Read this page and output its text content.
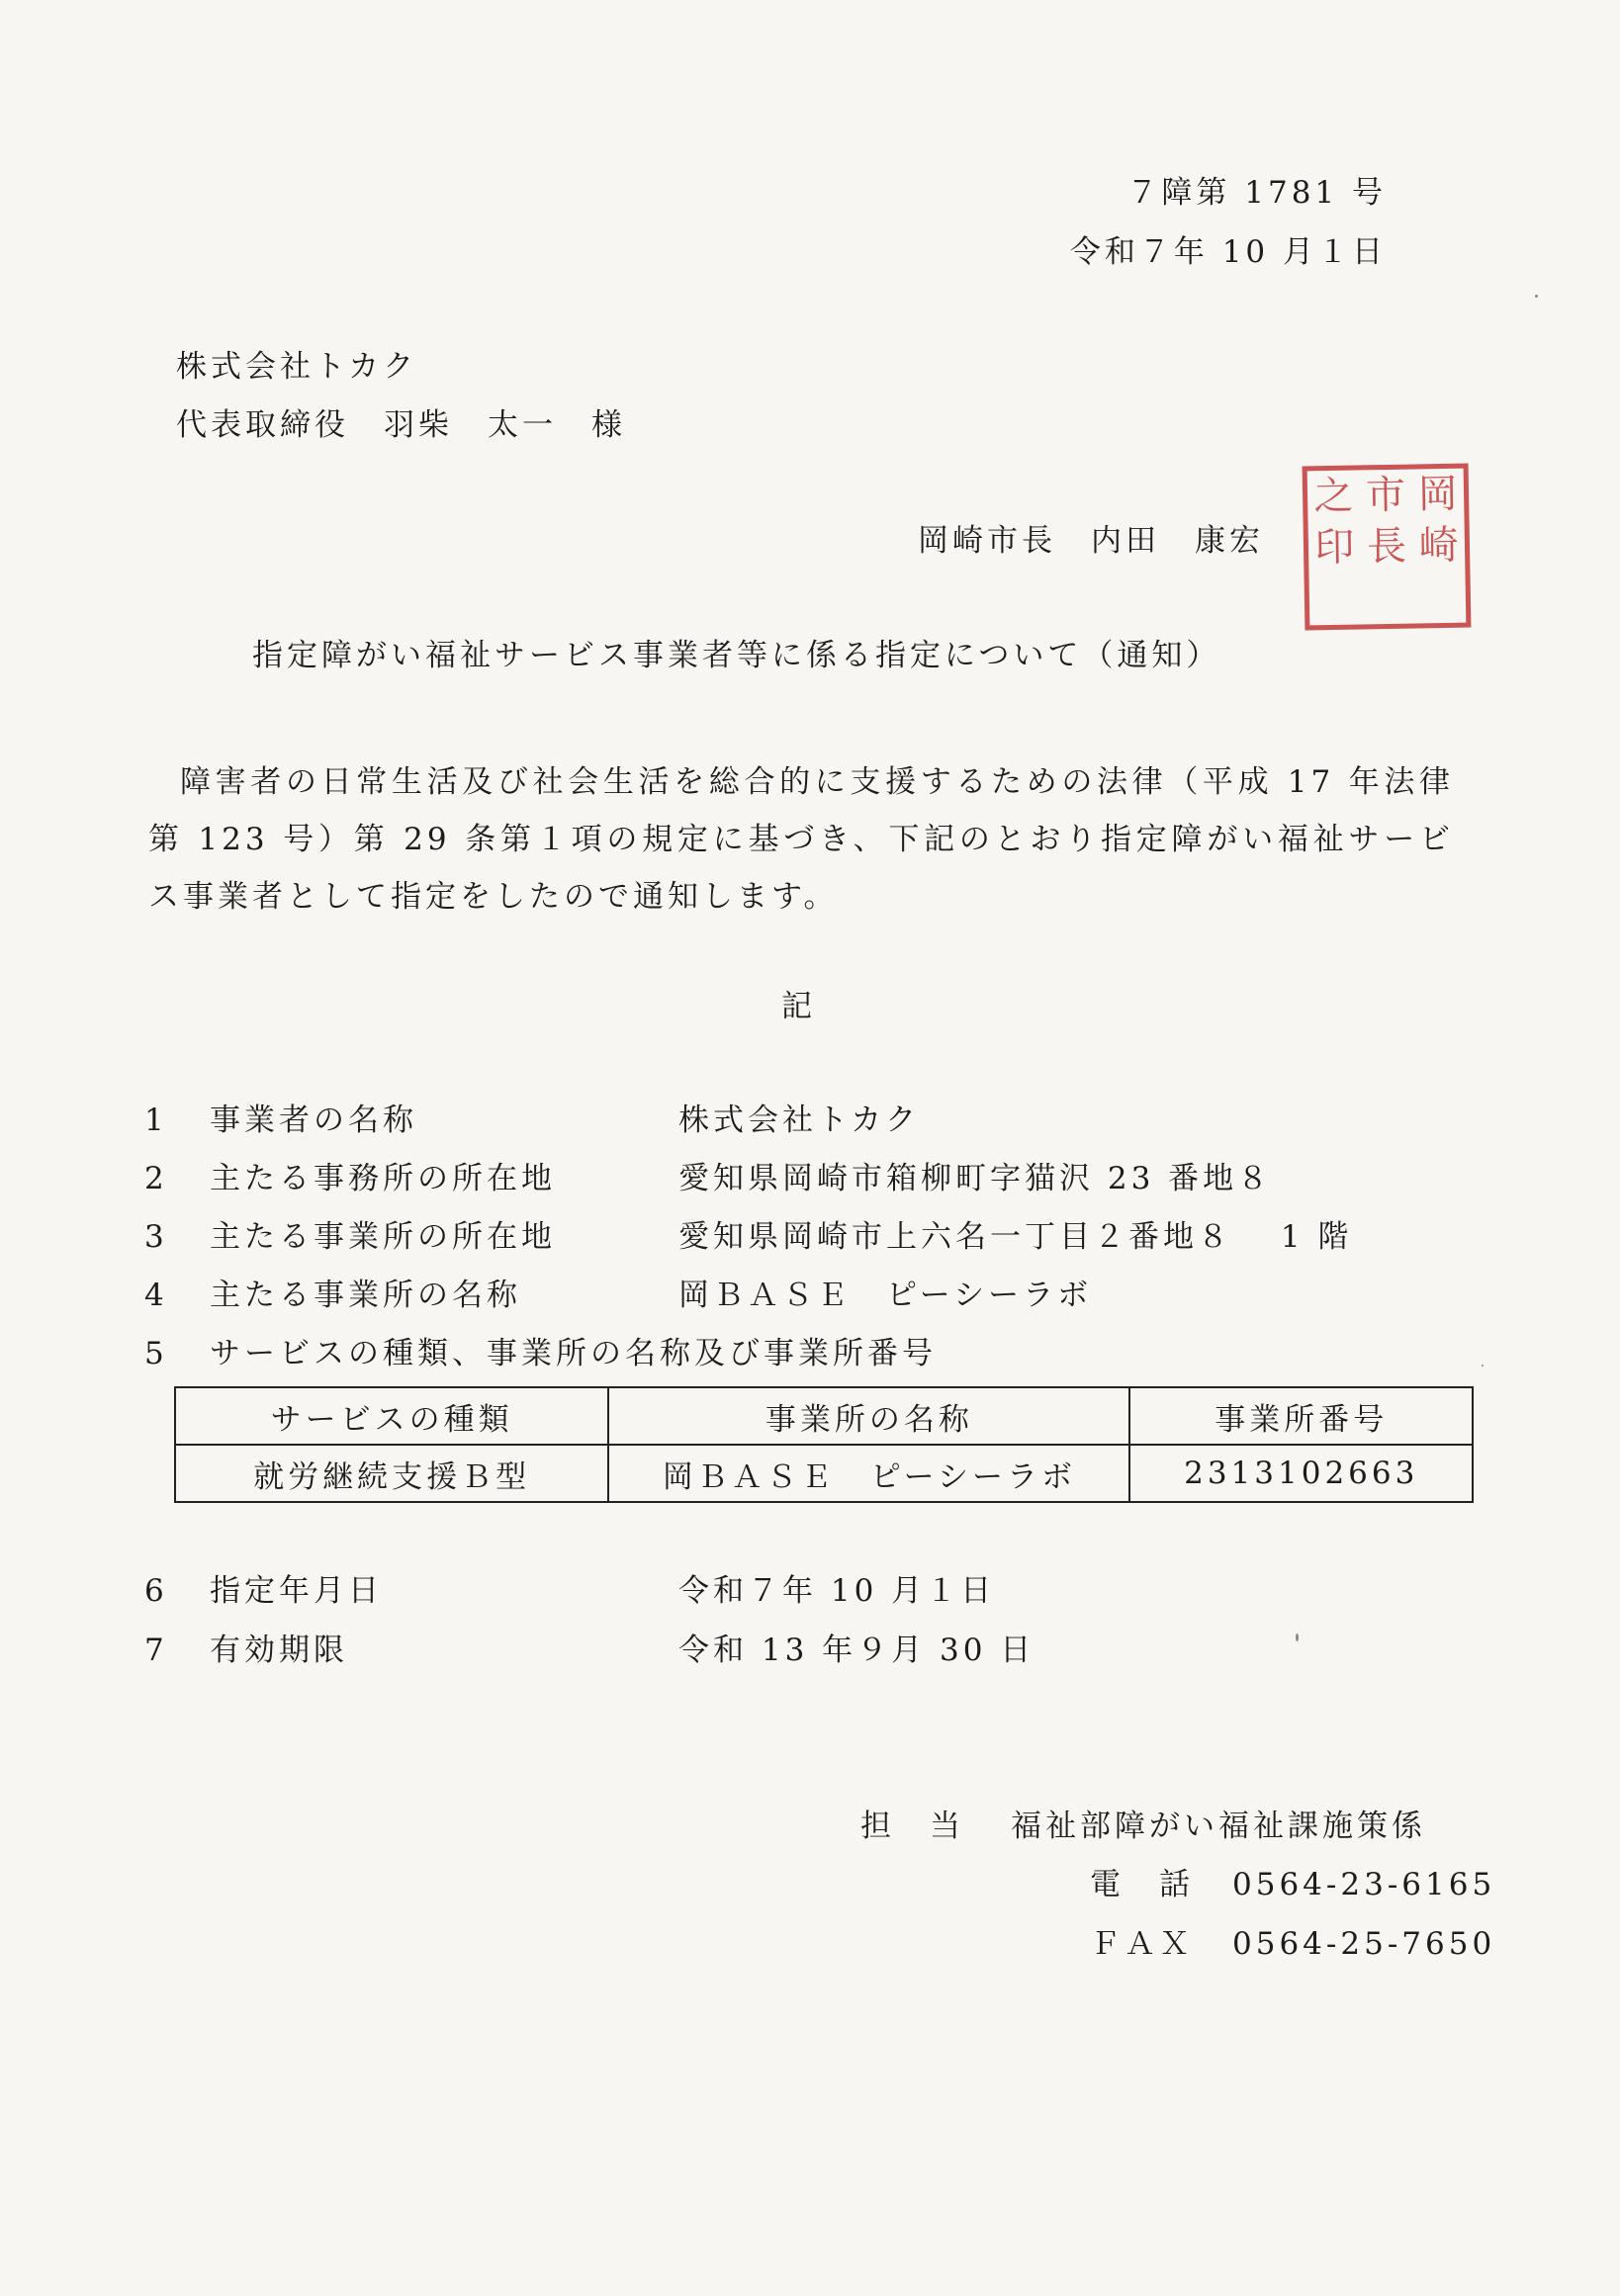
７障第 1781 号
令和７年 10 月１日
株式会社トカク
代表取締役　羽柴　太一　様
岡崎市長　内田　康宏
之 市 岡
印 長 崎
指定障がい福祉サービス事業者等に係る指定について（通知）
障害者の日常生活及び社会生活を総合的に支援するための法律（平成 17 年法律第 123 号）第 29 条第１項の規定に基づき、下記のとおり指定障がい福祉サービス事業者として指定をしたので通知します。
記
1 事業者の名称	株式会社トカク
2 主たる事務所の所在地	愛知県岡崎市箱柳町字猫沢 23 番地８
3 主たる事業所の所在地	愛知県岡崎市上六名一丁目２番地８　 1 階
4 主たる事業所の名称	岡ＢＡＳＥ　ピーシーラボ
5 サービスの種類、事業所の名称及び事業所番号
サービスの種類	事業所の名称	事業所番号
就労継続支援Ｂ型	岡ＢＡＳＥ　ピーシーラボ	2313102663
6 指定年月日	令和７年 10 月１日
7 有効期限	令和 13 年９月 30 日
担　当 福祉部障がい福祉課施策係
電　話 0564-23-6165
ＦＡＸ 0564-25-7650
